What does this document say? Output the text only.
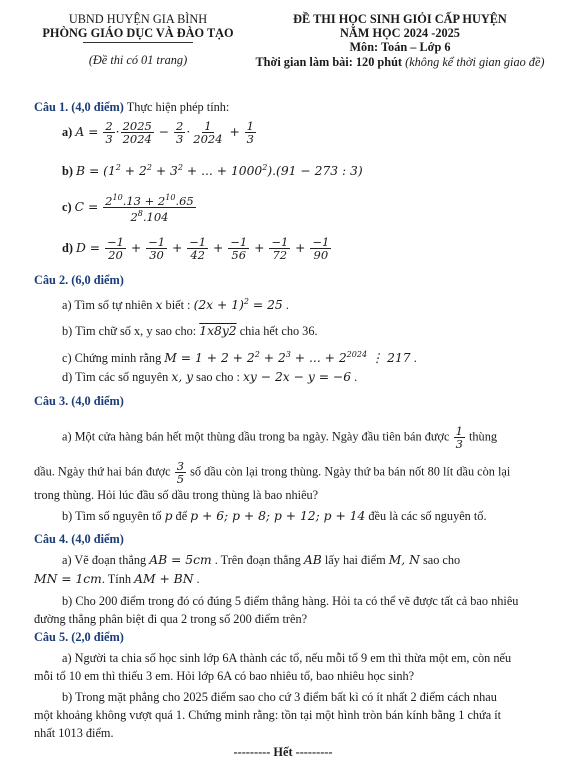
UBND HUYỆN GIA BÌNH
PHÒNG GIÁO DỤC VÀ ĐÀO TẠO
(Đề thi có 01 trang)
ĐỀ THI HỌC SINH GIỎI CẤP HUYỆN
NĂM HỌC 2024 -2025
Môn: Toán – Lớp 6
Thời gian làm bài: 120 phút (không kể thời gian giao đề)
Câu 1. (4,0 điểm) Thực hiện phép tính:
a) $A = \frac{2}{3} \cdot \frac{2025}{2024} - \frac{2}{3} \cdot \frac{1}{2024} + \frac{1}{3}$
b) $B = (1^2 + 2^2 + 3^2$ + ... + $1000^2).(91 - 273$ : 3)
c) $C = \frac{2^{10}.13 + 2^{10}.65}{2^8.104}$
d) $D = \frac{-1}{20} + \frac{-1}{30} + \frac{-1}{42} + \frac{-1}{56} + \frac{-1}{72} + \frac{-1}{90}$
Câu 2. (6,0 điểm)
a) Tìm số tự nhiên x biết : $(2x + 1)^2 = 25$ .
b) Tìm chữ số x, y sao cho: 1x8y2 chia hết cho 36.
c) Chứng minh rằng $M = 1 + 2 + 2^2 + 2^3$ + ... + $2^{2024}$ ⋮ 217 .
d) Tìm các số nguyên x, y sao cho : xy − 2x − y = −6 .
Câu 3. (4,0 điểm)
a) Một cửa hàng bán hết một thùng dầu trong ba ngày. Ngày đầu tiên bán được $\frac{1}{3}$ thùng
dầu. Ngày thứ hai bán được $\frac{3}{5}$ số dầu còn lại trong thùng. Ngày thứ ba bán nốt 80 lít dầu còn lại
trong thùng. Hỏi lúc đầu số dầu trong thùng là bao nhiêu?
b) Tìm số nguyên tố p để p + 6; p + 8; p + 12; p + 14 đều là các số nguyên tố.
Câu 4. (4,0 điểm)
a) Vẽ đoạn thẳng AB = 5cm . Trên đoạn thẳng AB lấy hai điểm M, N sao cho
MN = 1cm. Tính AM + BN .
b) Cho 200 điểm trong đó có đúng 5 điểm thẳng hàng. Hỏi ta có thể vẽ được tất cả bao nhiêu
đường thẳng phân biệt đi qua 2 trong số 200 điểm trên?
Câu 5. (2,0 điểm)
a) Người ta chia số học sinh lớp 6A thành các tổ, nếu mỗi tổ 9 em thì thừa một em, còn nếu
mỗi tổ 10 em thì thiếu 3 em. Hỏi lớp 6A có bao nhiêu tổ, bao nhiêu học sinh?
b) Trong mặt phẳng cho 2025 điểm sao cho cứ 3 điểm bất kì có ít nhất 2 điểm cách nhau
một khoảng không vượt quá 1. Chứng minh rằng: tồn tại một hình tròn bán kính bằng 1 chứa ít
nhất 1013 điểm.
--------- Hết ---------
